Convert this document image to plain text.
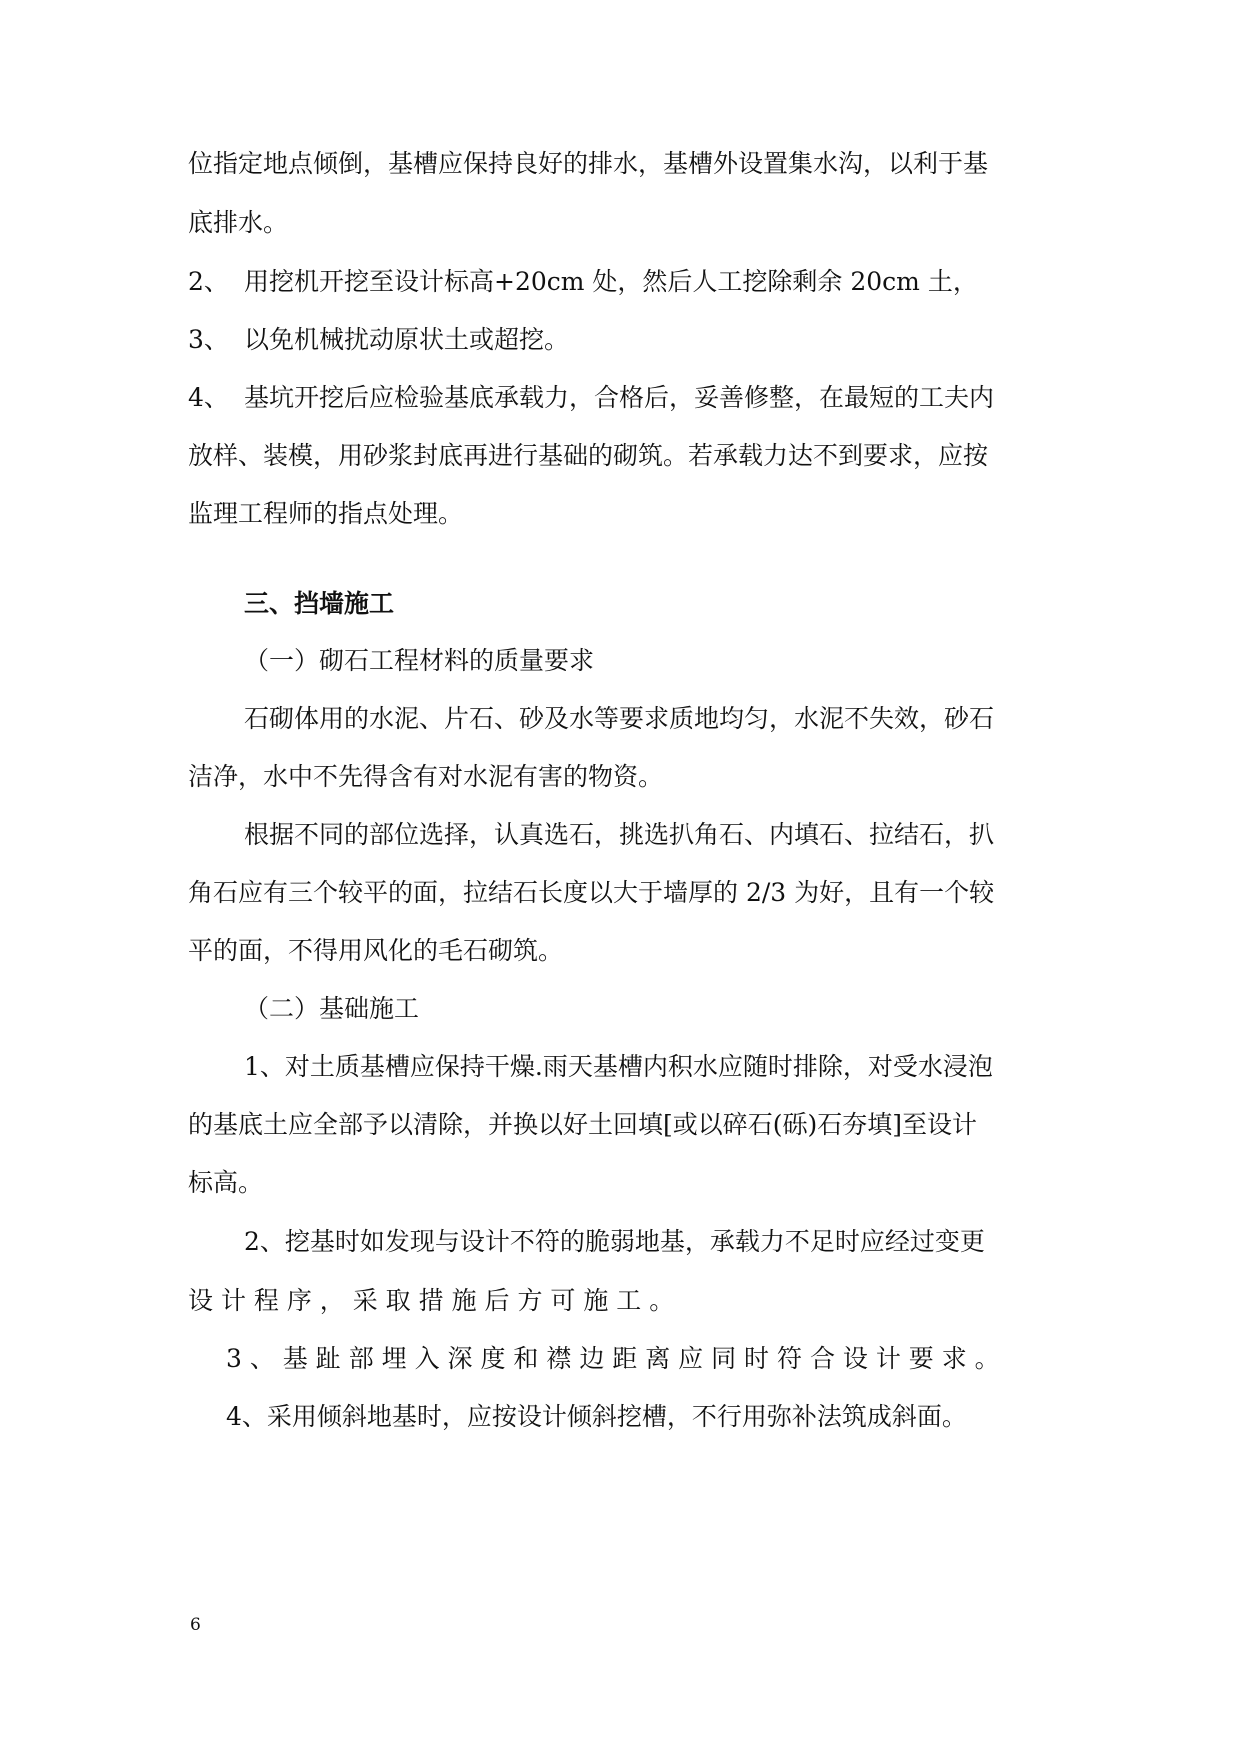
位指定地点倾倒，基槽应保持良好的排水，基槽外设置集水沟，以利于基
底排水。
2、 用挖机开挖至设计标高+20cm 处，然后人工挖除剩余 20cm 土，
3、 以免机械扰动原状土或超挖。
4、 基坑开挖后应检验基底承载力，合格后，妥善修整，在最短的工夫内
放样、装模，用砂浆封底再进行基础的砌筑。若承载力达不到要求，应按
监理工程师的指点处理。
三、挡墙施工
（一）砌石工程材料的质量要求
石砌体用的水泥、片石、砂及水等要求质地均匀，水泥不失效，砂石
洁净，水中不先得含有对水泥有害的物资。
根据不同的部位选择，认真选石，挑选扒角石、内填石、拉结石，扒
角石应有三个较平的面，拉结石长度以大于墙厚的 2/3 为好，且有一个较
平的面，不得用风化的毛石砌筑。
（二）基础施工
1、对土质基槽应保持干燥.雨天基槽内积水应随时排除，对受水浸泡
的基底土应全部予以清除，并换以好土回填[或以碎石(砾)石夯填]至设计
标高。
2、挖基时如发现与设计不符的脆弱地基，承载力不足时应经过变更
设 计 程 序 ， 采 取 措 施 后 方 可 施 工 。
3 、 基 趾 部 埋 入 深 度 和 襟 边 距 离 应 同 时 符 合 设 计 要 求 。
4、采用倾斜地基时，应按设计倾斜挖槽，不行用弥补法筑成斜面。
6
